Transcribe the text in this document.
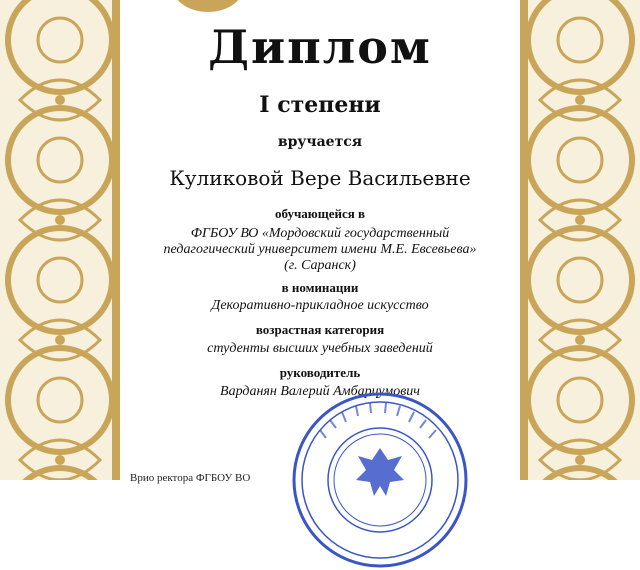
Диплом
I степени
вручается
Куликовой Вере Васильевне
обучающейся в
ФГБОУ ВО «Мордовский государственный
педагогический университет имени М.Е. Евсевьева»
(г. Саранск)
в номинации
Декоративно-прикладное искусство
возрастная категория
студенты высших учебных заведений
руководитель
Варданян Валерий Амбарцумович
Врио ректора ФГБОУ ВО
